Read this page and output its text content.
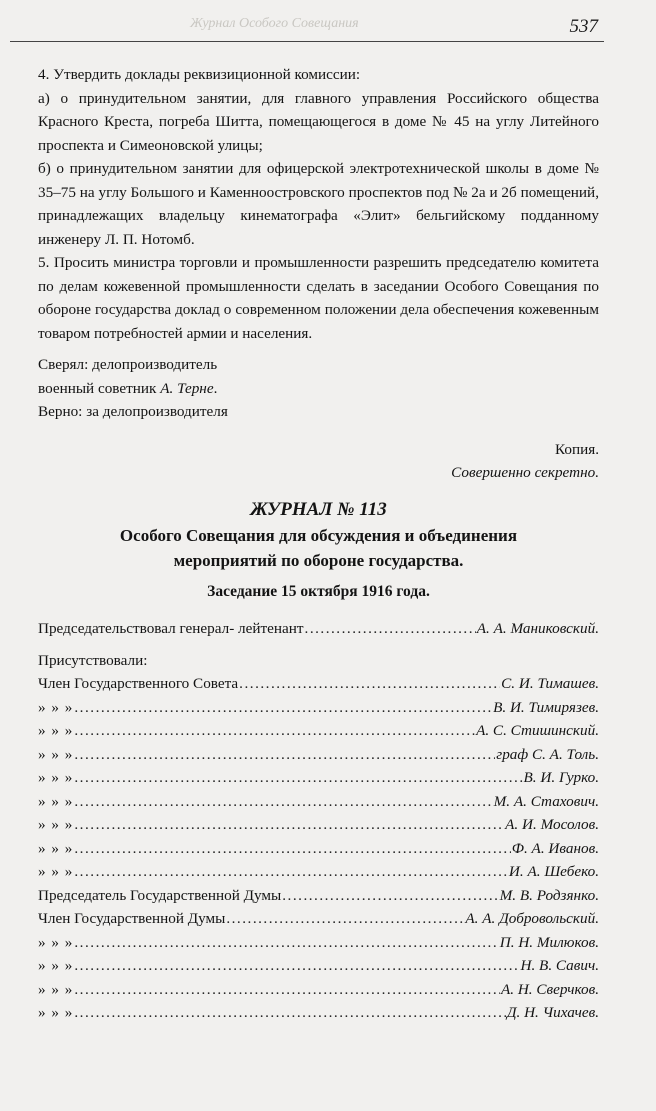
Журнал Особого Совещания	537

4. Утвердить доклады реквизиционной комиссии:

а) о принудительном занятии, для главного управления Российского общества Красного Креста, погреба Шитта, помещающегося в доме № 45 на углу Литейного проспекта и Симеоновской улицы;

б) о принудительном занятии для офицерской электротехнической школы в доме № 35–75 на углу Большого и Каменноостровского проспектов под № 2а и 2б помещений, принадлежащих владельцу кинематографа «Элит» бельгийскому подданному инженеру Л. П. Нотомб.

5. Просить министра торговли и промышленности разрешить председателю комитета по делам кожевенной промышленности сделать в заседании Особого Совещания по обороне государства доклад о современном положении дела обеспечения кожевенным товаром потребностей армии и населения.

Сверял: делопроизводитель
военный советник А. Терне.
Верно: за делопроизводителя
Копия.
Совершенно секретно.
ЖУРНАЛ № 113
Особого Совещания для обсуждения и объединения
мероприятий по обороне государства.
Заседание 15 октября 1916 года.
Председательствовал генерал- лейтенант .....	А. А. Маниковский.
Присутствовали:
Член Государственного Совета .....	С. И. Тимашев.
» » » .....	В. И. Тимирязев.
» » » .....	А. С. Стишинский.
» » » .....	граф С. А. Толь.
» » » .....	В. И. Гурко.
» » » .....	М. А. Стахович.
» » » .....	А. И. Мосолов.
» » » .....	Ф. А. Иванов.
» » » .....	И. А. Шебеко.
Председатель Государственной Думы .....	М. В. Родзянко.
Член Государственной Думы .....	А. А. Добровольский.
» » » .....	П. Н. Милюков.
» » » .....	Н. В. Савич.
» » » .....	А. Н. Сверчков.
» » » .....	Д. Н. Чихачев.
